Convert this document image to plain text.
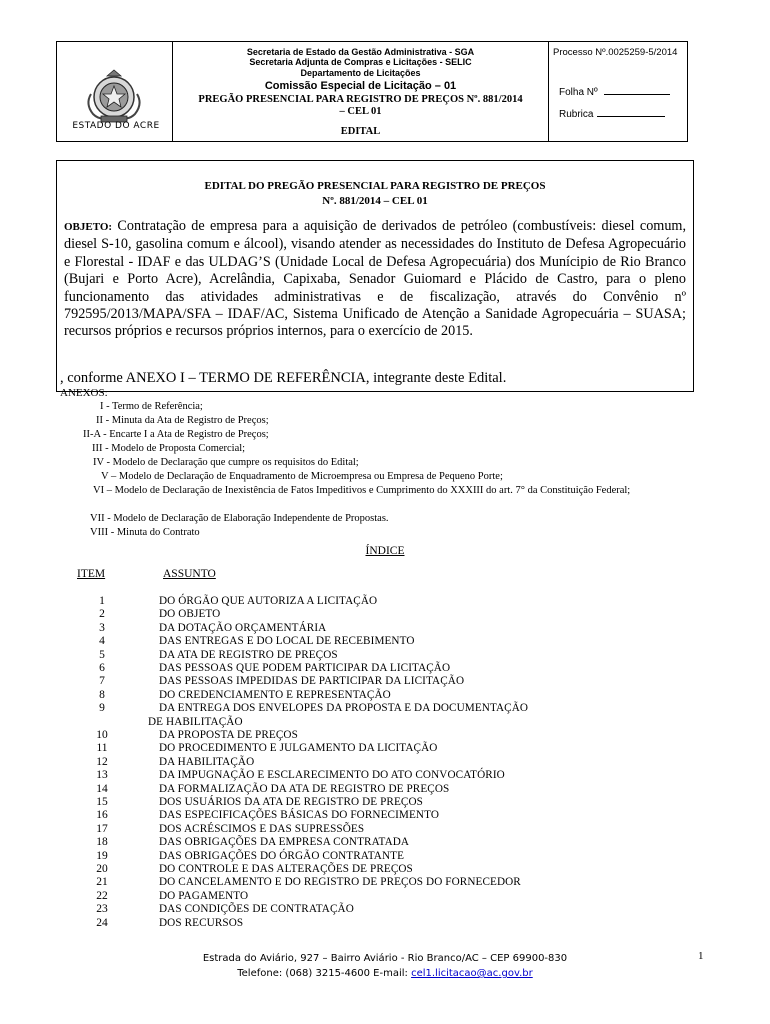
ESTADO DO ACRE
Secretaria de Estado da Gestão Administrativa - SGA
Secretaria Adjunta de Compras e Licitações - SELIC
Departamento de Licitações
Comissão Especial de Licitação – 01
PREGÃO PRESENCIAL PARA REGISTRO DE PREÇOS Nº. 881/2014
– CEL 01
EDITAL
Processo Nº.0025259-5/2014
Folha Nº
Rubrica
EDITAL DO PREGÃO PRESENCIAL PARA REGISTRO DE PREÇOS
Nº. 881/2014 – CEL 01
OBJETO: Contratação de empresa para a aquisição de derivados de petróleo (combustíveis: diesel comum, diesel S-10, gasolina comum e álcool), visando atender as necessidades do Instituto de Defesa Agropecuário e Florestal - IDAF e das ULDAG’S (Unidade Local de Defesa Agropecuária) dos Munícipio de Rio Branco (Bujari e Porto Acre), Acrelândia, Capixaba, Senador Guiomard e Plácido de Castro, para o pleno funcionamento das atividades administrativas e de fiscalização, através do Convênio nº 792595/2013/MAPA/SFA – IDAF/AC, Sistema Unificado de Atenção a Sanidade Agropecuária – SUASA; recursos próprios e recursos próprios internos, para o exercício de 2015.
, conforme ANEXO I – TERMO DE REFERÊNCIA, integrante deste Edital.
ANEXOS:
I - Termo de Referência;
II - Minuta da Ata de Registro de Preços;
II-A - Encarte I a Ata de Registro de Preços;
III - Modelo de Proposta Comercial;
IV - Modelo de Declaração que cumpre os requisitos do Edital;
V – Modelo de Declaração de Enquadramento de Microempresa ou Empresa de Pequeno Porte;
VI – Modelo de Declaração de Inexistência de Fatos Impeditivos e Cumprimento do XXXIII do art. 7° da Constituição Federal;
VII - Modelo de Declaração de Elaboração Independente de Propostas.
VIII - Minuta do Contrato
ÍNDICE
ITEM	ASSUNTO
1	DO ÓRGÃO QUE AUTORIZA A LICITAÇÃO
2	DO OBJETO
3	DA DOTAÇÃO ORÇAMENTÁRIA
4	DAS ENTREGAS E DO LOCAL DE RECEBIMENTO
5	DA ATA DE REGISTRO DE PREÇOS
6	DAS PESSOAS QUE PODEM PARTICIPAR DA LICITAÇÃO
7	DAS PESSOAS IMPEDIDAS DE PARTICIPAR DA LICITAÇÃO
8	DO CREDENCIAMENTO E REPRESENTAÇÃO
9	DA ENTREGA DOS ENVELOPES DA PROPOSTA E DA DOCUMENTAÇÃO
DE HABILITAÇÃO
10	DA PROPOSTA DE PREÇOS
11	DO PROCEDIMENTO E JULGAMENTO DA LICITAÇÃO
12	DA HABILITAÇÃO
13	DA IMPUGNAÇÃO E ESCLARECIMENTO DO ATO CONVOCATÓRIO
14	DA FORMALIZAÇÃO DA ATA DE REGISTRO DE PREÇOS
15	DOS USUÁRIOS DA ATA DE REGISTRO DE PREÇOS
16	DAS ESPECIFICAÇÕES BÁSICAS DO FORNECIMENTO
17	DOS ACRÉSCIMOS E DAS SUPRESSÕES
18	DAS OBRIGAÇÕES DA EMPRESA CONTRATADA
19	DAS OBRIGAÇÕES DO ÓRGÃO CONTRATANTE
20	DO CONTROLE E DAS ALTERAÇÕES DE PREÇOS
21	DO CANCELAMENTO E DO REGISTRO DE PREÇOS DO FORNECEDOR
22	DO PAGAMENTO
23	DAS CONDIÇÕES DE CONTRATAÇÃO
24	DOS RECURSOS
Estrada do Aviário, 927 – Bairro Aviário - Rio Branco/AC – CEP 69900-830
Telefone: (068) 3215-4600 E-mail: cel1.licitacao@ac.gov.br
1
